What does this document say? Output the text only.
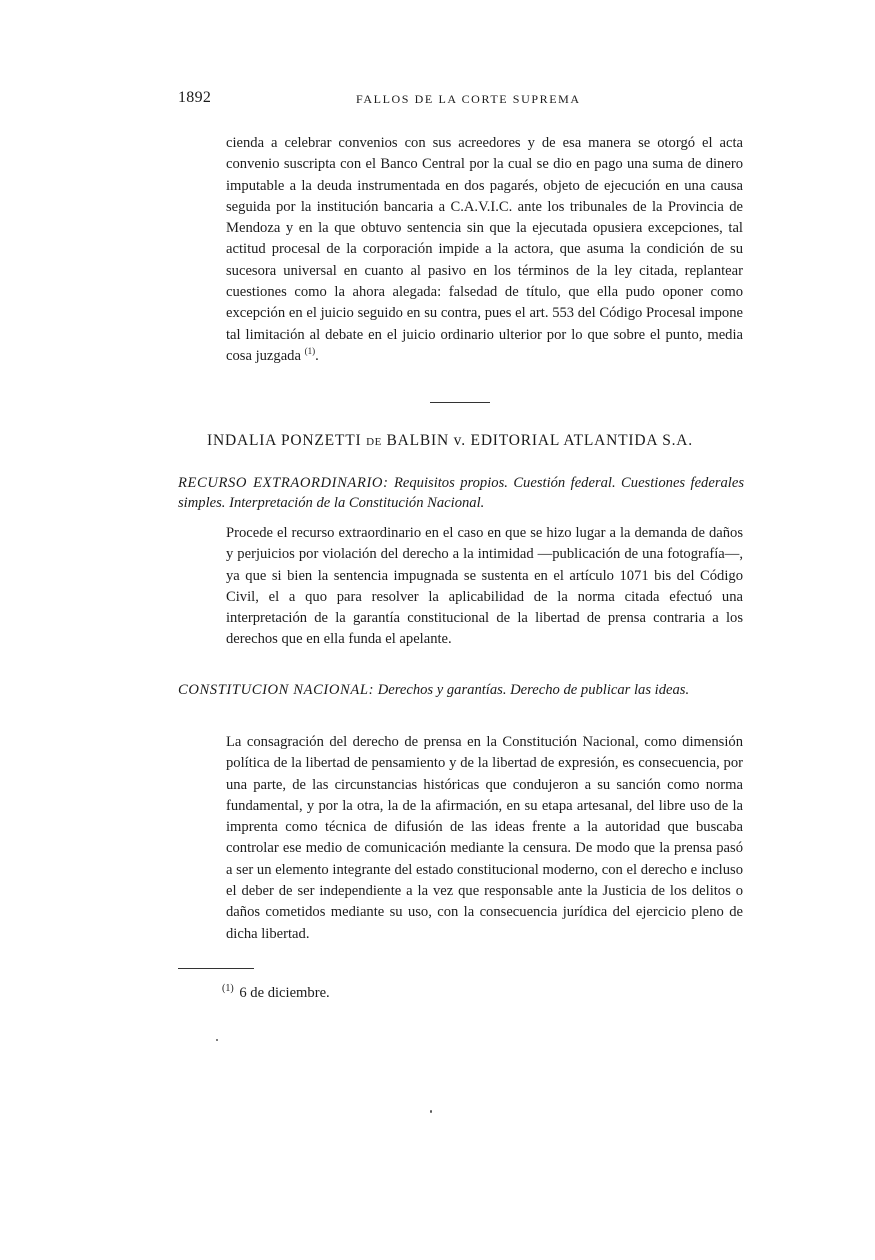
1892	FALLOS DE LA CORTE SUPREMA
cienda a celebrar convenios con sus acreedores y de esa manera se otorgó el acta convenio suscripta con el Banco Central por la cual se dio en pago una suma de dinero imputable a la deuda instrumentada en dos pagarés, objeto de ejecución en una causa seguida por la institución bancaria a C.A.V.I.C. ante los tribunales de la Provincia de Mendoza y en la que obtuvo sentencia sin que la ejecutada opusiera excepciones, tal actitud procesal de la corporación impide a la actora, que asuma la condición de su sucesora universal en cuanto al pasivo en los términos de la ley citada, replantear cuestiones como la ahora alegada: falsedad de título, que ella pudo oponer como excepción en el juicio seguido en su contra, pues el art. 553 del Código Procesal impone tal limitación al debate en el juicio ordinario ulterior por lo que sobre el punto, media cosa juzgada $^{(1)}$.
INDALIA PONZETTI DE BALBIN v. EDITORIAL ATLANTIDA S.A.
RECURSO EXTRAORDINARIO: Requisitos propios. Cuestión federal. Cuestiones federales simples. Interpretación de la Constitución Nacional.
Procede el recurso extraordinario en el caso en que se hizo lugar a la demanda de daños y perjuicios por violación del derecho a la intimidad —publicación de una fotografía—, ya que si bien la sentencia impugnada se sustenta en el artículo 1071 bis del Código Civil, el a quo para resolver la aplicabilidad de la norma citada efectuó una interpretación de la garantía constitucional de la libertad de prensa contraria a los derechos que en ella funda el apelante.
CONSTITUCION NACIONAL: Derechos y garantías. Derecho de publicar las ideas.
La consagración del derecho de prensa en la Constitución Nacional, como dimensión política de la libertad de pensamiento y de la libertad de expresión, es consecuencia, por una parte, de las circunstancias históricas que condujeron a su sanción como norma fundamental, y por la otra, la de la afirmación, en su etapa artesanal, del libre uso de la imprenta como técnica de difusión de las ideas frente a la autoridad que buscaba controlar ese medio de comunicación mediante la censura. De modo que la prensa pasó a ser un elemento integrante del estado constitucional moderno, con el derecho e incluso el deber de ser independiente a la vez que responsable ante la Justicia de los delitos o daños cometidos mediante su uso, con la consecuencia jurídica del ejercicio pleno de dicha libertad.
$^{(1)}$ 6 de diciembre.
